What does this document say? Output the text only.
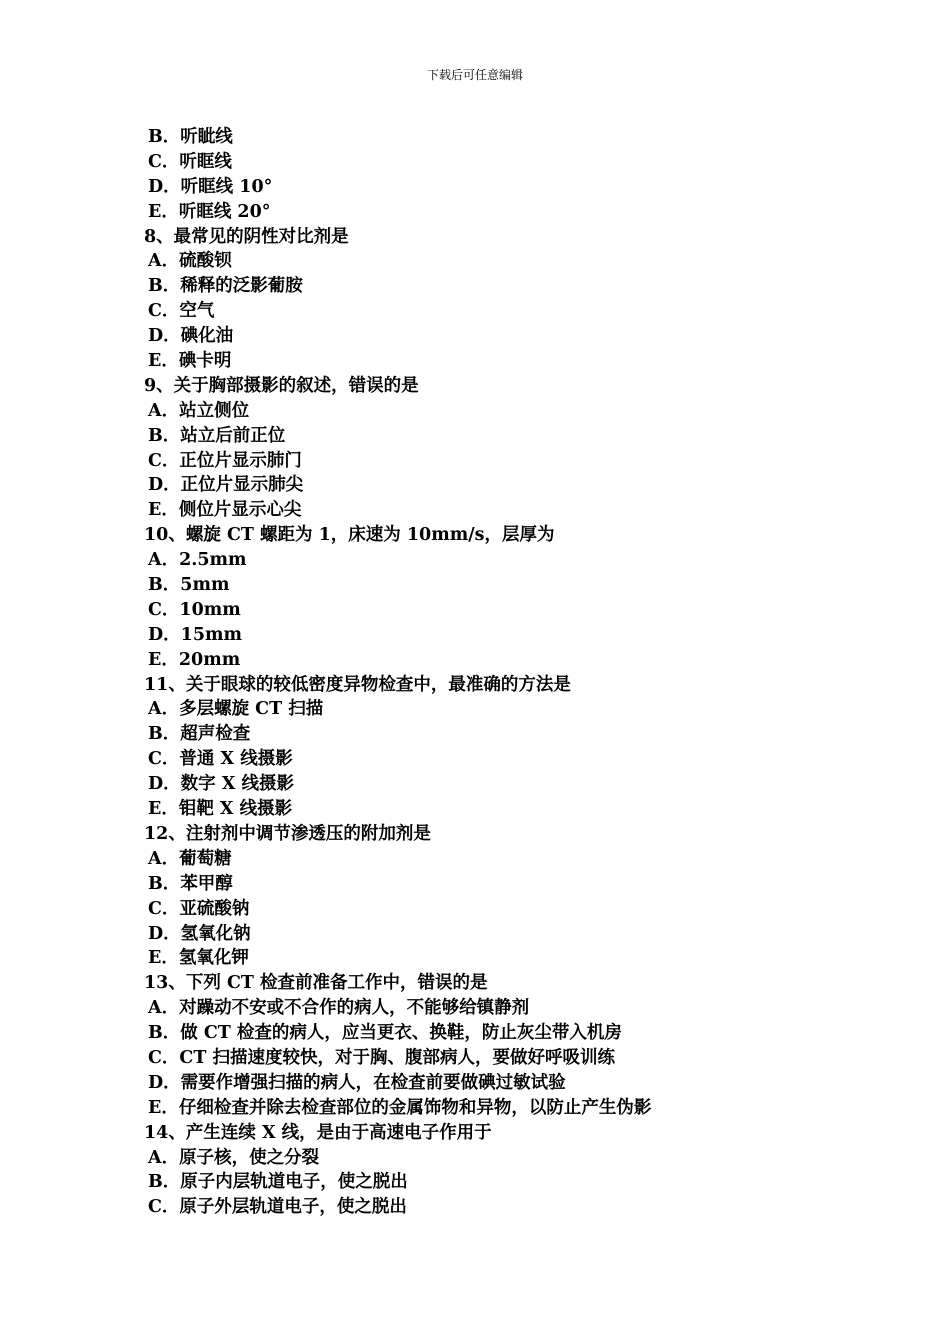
下载后可任意编辑
B．听眦线
C．听眶线
D．听眶线 10°
E．听眶线 20°
8、最常见的阴性对比剂是
A．硫酸钡
B．稀释的泛影葡胺
C．空气
D．碘化油
E．碘卡明
9、关于胸部摄影的叙述，错误的是
A．站立侧位
B．站立后前正位
C．正位片显示肺门
D．正位片显示肺尖
E．侧位片显示心尖
10、螺旋 CT 螺距为 1，床速为 10mm/s，层厚为
A．2.5mm
B．5mm
C．10mm
D．15mm
E．20mm
11、关于眼球的较低密度异物检查中，最准确的方法是
A．多层螺旋 CT 扫描
B．超声检查
C．普通 X 线摄影
D．数字 X 线摄影
E．钼靶 X 线摄影
12、注射剂中调节渗透压的附加剂是
A．葡萄糖
B．苯甲醇
C．亚硫酸钠
D．氢氧化钠
E．氢氧化钾
13、下列 CT 检查前准备工作中，错误的是
A．对躁动不安或不合作的病人，不能够给镇静剂
B．做 CT 检查的病人，应当更衣、换鞋，防止灰尘带入机房
C．CT 扫描速度较快，对于胸、腹部病人，要做好呼吸训练
D．需要作增强扫描的病人，在检查前要做碘过敏试验
E．仔细检查并除去检查部位的金属饰物和异物，以防止产生伪影
14、产生连续 X 线，是由于高速电子作用于
A．原子核，使之分裂
B．原子内层轨道电子，使之脱出
C．原子外层轨道电子，使之脱出
